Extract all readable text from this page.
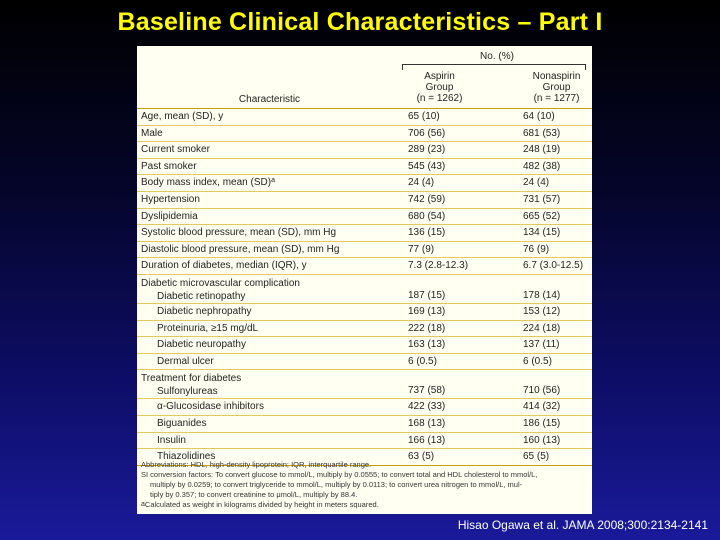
Baseline Clinical Characteristics – Part I
No. (%)
Characteristic
Aspirin
Group
(n = 1262)
Nonaspirin
Group
(n = 1277)
Age, mean (SD), y	65 (10)	64 (10)
Male	706 (56)	681 (53)
Current smoker	289 (23)	248 (19)
Past smoker	545 (43)	482 (38)
Body mass index, mean (SD)$^a$	24 (4)	24 (4)
Hypertension	742 (59)	731 (57)
Dyslipidemia	680 (54)	665 (52)
Systolic blood pressure, mean (SD), mm Hg	136 (15)	134 (15)
Diastolic blood pressure, mean (SD), mm Hg	77 (9)	76 (9)
Duration of diabetes, median (IQR), y	7.3 (2.8-12.3)	6.7 (3.0-12.5)
Diabetic microvascular complication
Diabetic retinopathy	187 (15)	178 (14)
Diabetic nephropathy	169 (13)	153 (12)
Proteinuria, ≥15 mg/dL	222 (18)	224 (18)
Diabetic neuropathy	163 (13)	137 (11)
Dermal ulcer	6 (0.5)	6 (0.5)
Treatment for diabetes
Sulfonylureas	737 (58)	710 (56)
α-Glucosidase inhibitors	422 (33)	414 (32)
Biguanides	168 (13)	186 (15)
Insulin	166 (13)	160 (13)
Thiazolidines	63 (5)	65 (5)
Abbreviations: HDL, high-density lipoprotein; IQR, interquartile range.
SI conversion factors: To convert glucose to mmol/L, multiply by 0.0555; to convert total and HDL cholesterol to mmol/L,
multiply by 0.0259; to convert triglyceride to mmol/L, multiply by 0.0113; to convert urea nitrogen to mmol/L, mul-
tiply by 0.357; to convert creatinine to μmol/L, multiply by 88.4.
$^a$Calculated as weight in kilograms divided by height in meters squared.
Hisao Ogawa et al. JAMA 2008;300:2134-2141
